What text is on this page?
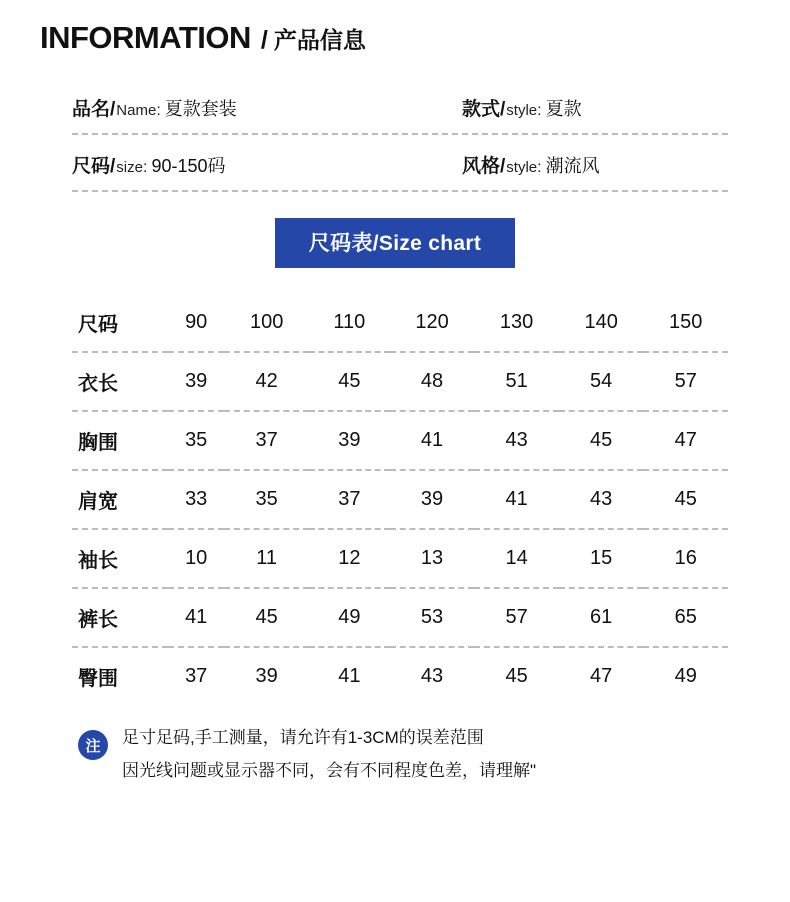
INFORMATION / 产品信息
品名 / Name : 夏款套装	款式 / style : 夏款
尺码 / size : 90-150码	风格 / style : 潮流风
尺码表/Size chart
尺码	90	100	110	120	130	140	150
衣长	39	42	45	48	51	54	57
胸围	35	37	39	41	43	45	47
肩宽	33	35	37	39	41	43	45
袖长	10	11	12	13	14	15	16
裤长	41	45	49	53	57	61	65
臀围	37	39	41	43	45	47	49
注	足寸足码,手工测量，请允许有1-3CM的误差范围
因光线问题或显示器不同，会有不同程度色差，请理解"
